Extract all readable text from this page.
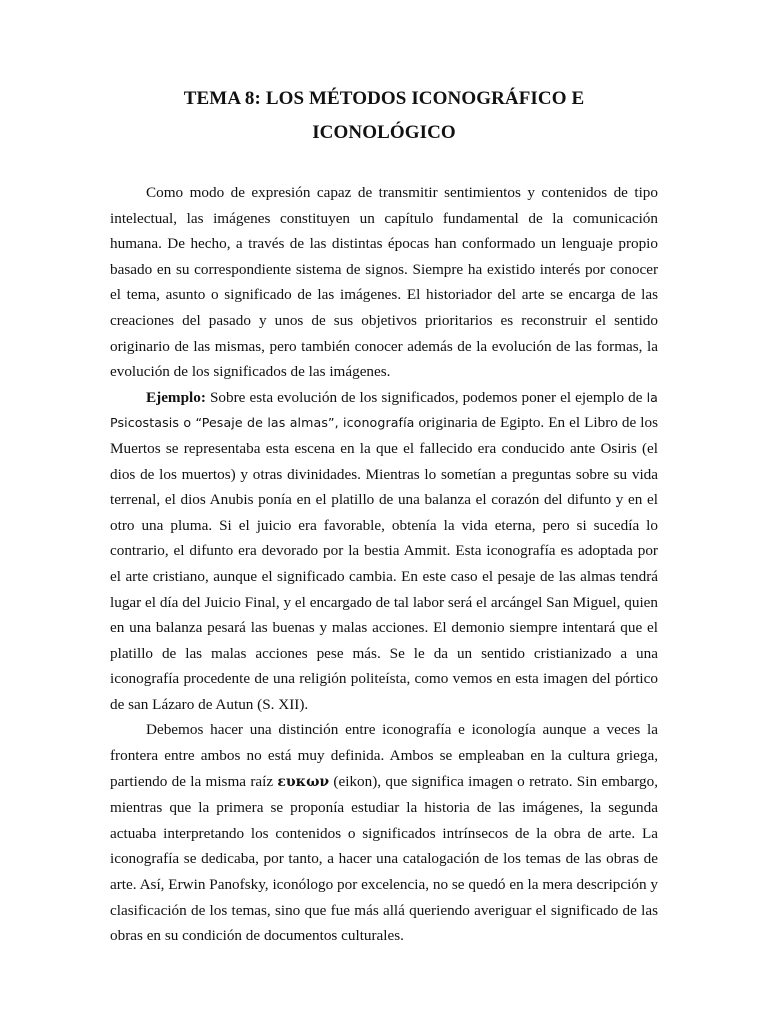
TEMA 8: LOS MÉTODOS ICONOGRÁFICO E
ICONOLÓGICO

Como modo de expresión capaz de transmitir sentimientos y contenidos de tipo intelectual, las imágenes constituyen un capítulo fundamental de la comunicación humana. De hecho, a través de las distintas épocas han conformado un lenguaje propio basado en su correspondiente sistema de signos. Siempre ha existido interés por conocer el tema, asunto o significado de las imágenes. El historiador del arte se encarga de las creaciones del pasado y unos de sus objetivos prioritarios es reconstruir el sentido originario de las mismas, pero también conocer además de la evolución de las formas, la evolución de los significados de las imágenes.

Ejemplo: Sobre esta evolución de los significados, podemos poner el ejemplo de la Psicostasis o “Pesaje de las almas”, iconografía originaria de Egipto. En el Libro de los Muertos se representaba esta escena en la que el fallecido era conducido ante Osiris (el dios de los muertos) y otras divinidades. Mientras lo sometían a preguntas sobre su vida terrenal, el dios Anubis ponía en el platillo de una balanza el corazón del difunto y en el otro una pluma. Si el juicio era favorable, obtenía la vida eterna, pero si sucedía lo contrario, el difunto era devorado por la bestia Ammit. Esta iconografía es adoptada por el arte cristiano, aunque el significado cambia. En este caso el pesaje de las almas tendrá lugar el día del Juicio Final, y el encargado de tal labor será el arcángel San Miguel, quien en una balanza pesará las buenas y malas acciones. El demonio siempre intentará que el platillo de las malas acciones pese más. Se le da un sentido cristianizado a una iconografía procedente de una religión politeísta, como vemos en esta imagen del pórtico de san Lázaro de Autun (S. XII).

Debemos hacer una distinción entre iconografía e iconología aunque a veces la frontera entre ambos no está muy definida. Ambos se empleaban en la cultura griega, partiendo de la misma raíz ευκων (eikon), que significa imagen o retrato. Sin embargo, mientras que la primera se proponía estudiar la historia de las imágenes, la segunda actuaba interpretando los contenidos o significados intrínsecos de la obra de arte. La iconografía se dedicaba, por tanto, a hacer una catalogación de los temas de las obras de arte. Así, Erwin Panofsky, iconólogo por excelencia, no se quedó en la mera descripción y clasificación de los temas, sino que fue más allá queriendo averiguar el significado de las obras en su condición de documentos culturales.
